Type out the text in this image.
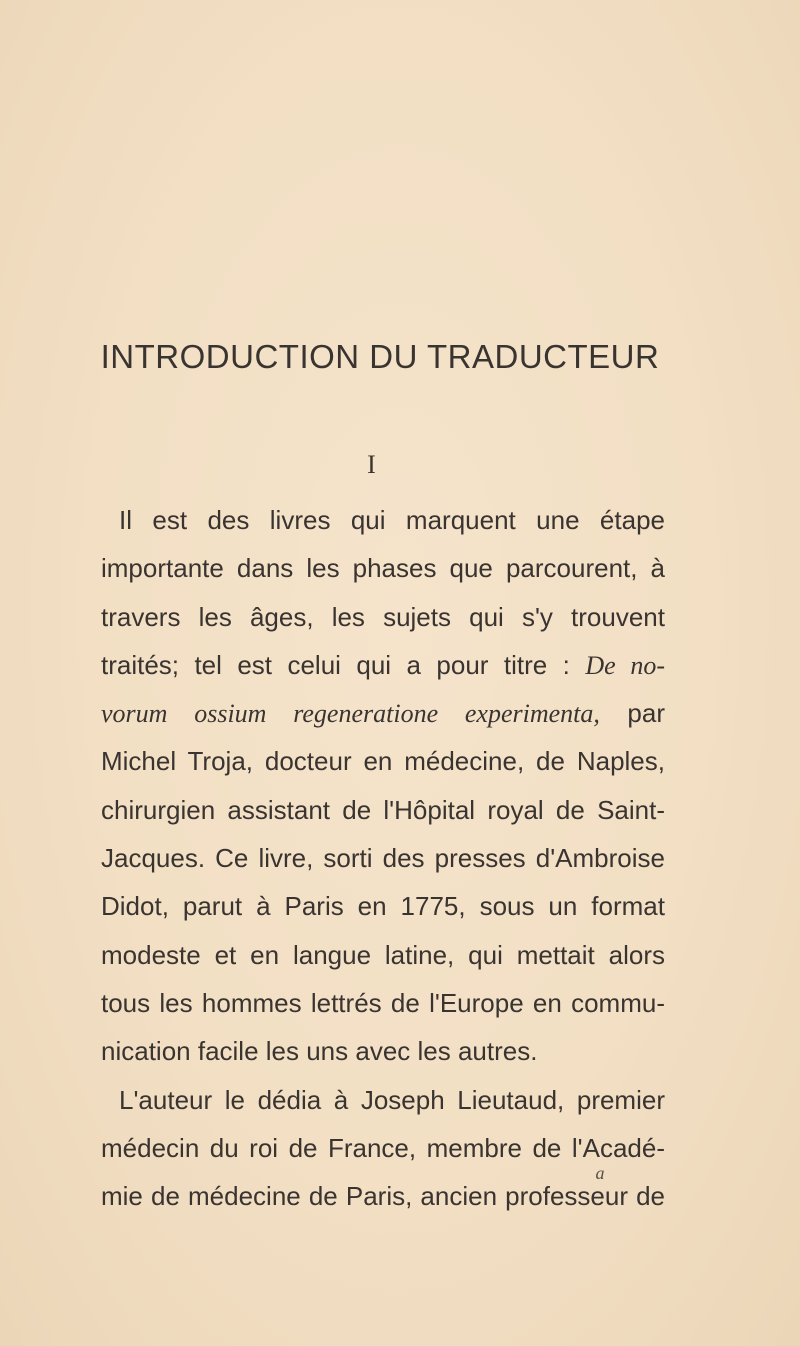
INTRODUCTION DU TRADUCTEUR
I
Il est des livres qui marquent une étape
importante dans les phases que parcourent, à
travers les âges, les sujets qui s'y trouvent
traités; tel est celui qui a pour titre : De no-
vorum ossium regeneratione experimenta, par
Michel Troja, docteur en médecine, de Naples,
chirurgien assistant de l'Hôpital royal de Saint-
Jacques. Ce livre, sorti des presses d'Ambroise
Didot, parut à Paris en 1775, sous un format
modeste et en langue latine, qui mettait alors
tous les hommes lettrés de l'Europe en commu-
nication facile les uns avec les autres.
L'auteur le dédia à Joseph Lieutaud, premier
médecin du roi de France, membre de l'Acadé-
mie de médecine de Paris, ancien professeur de
a
